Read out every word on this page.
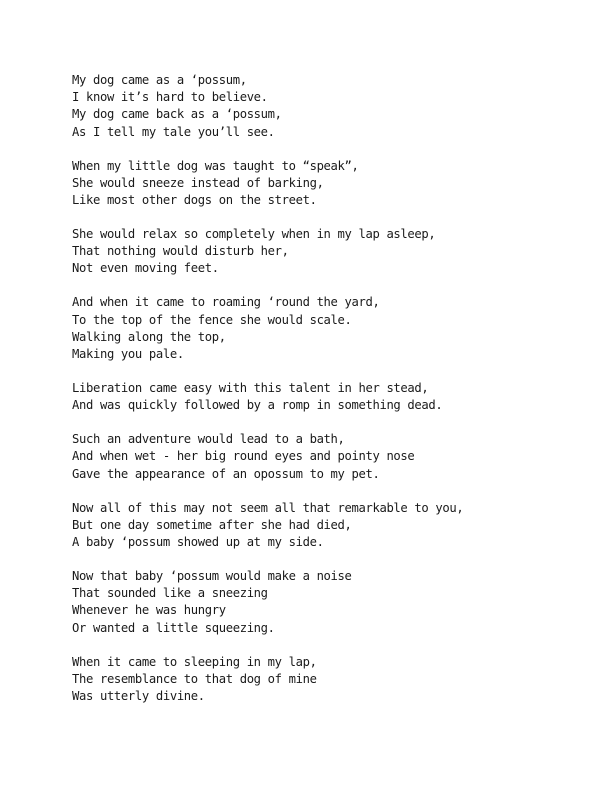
My dog came as a ‘possum,
I know it’s hard to believe.
My dog came back as a ‘possum,
As I tell my tale you’ll see.
When my little dog was taught to “speak”,
She would sneeze instead of barking,
Like most other dogs on the street.
She would relax so completely when in my lap asleep,
That nothing would disturb her,
Not even moving feet.
And when it came to roaming ‘round the yard,
To the top of the fence she would scale.
Walking along the top,
Making you pale.
Liberation came easy with this talent in her stead,
And was quickly followed by a romp in something dead.
Such an adventure would lead to a bath,
And when wet - her big round eyes and pointy nose
Gave the appearance of an opossum to my pet.
Now all of this may not seem all that remarkable to you,
But one day sometime after she had died,
A baby ‘possum showed up at my side.
Now that baby ‘possum would make a noise
That sounded like a sneezing
Whenever he was hungry
Or wanted a little squeezing.
When it came to sleeping in my lap,
The resemblance to that dog of mine
Was utterly divine.
